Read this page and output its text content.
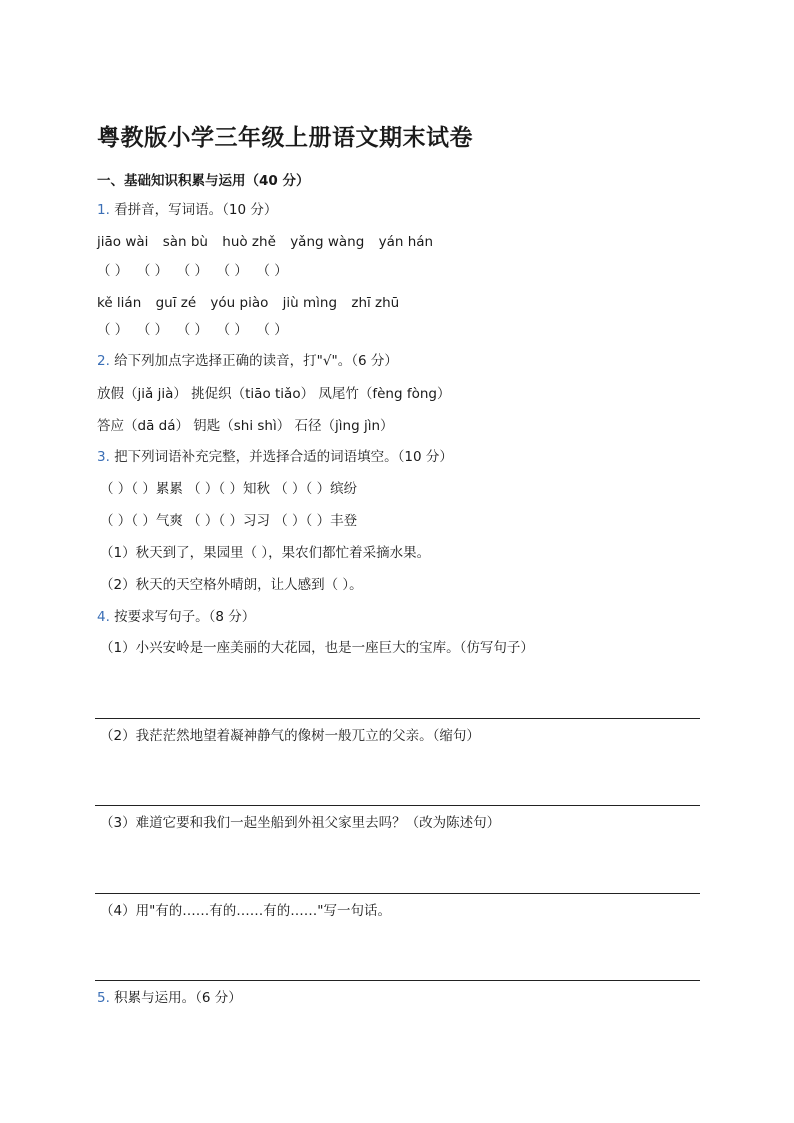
粤教版小学三年级上册语文期末试卷
一、基础知识积累与运用（40 分）
1. 看拼音，写词语。（10 分）
jiāo wài sàn bù huò zhě yǎng wàng yán hán
（ ）  （ ）  （ ）  （ ）  （ ）
kě lián guī zé yóu piào jiù mìng zhī zhū
（ ）  （ ）  （ ）  （ ）  （ ）
2. 给下列加点字选择正确的读音，打"√"。（6 分）
放假（jiǎ jià） 挑促织（tiāo tiǎo） 凤尾竹（fèng fòng）
答应（dā dá） 钥匙（shi shì） 石径（jìng jìn）
3. 把下列词语补充完整，并选择合适的词语填空。（10 分）
（ ）（ ）累累 （ ）（ ）知秋 （ ）（ ）缤纷
（ ）（ ）气爽 （ ）（ ）习习 （ ）（ ）丰登
（1）秋天到了，果园里（ ），果农们都忙着采摘水果。
（2）秋天的天空格外晴朗，让人感到（ ）。
4. 按要求写句子。（8 分）
（1）小兴安岭是一座美丽的大花园，也是一座巨大的宝库。（仿写句子）
（2）我茫茫然地望着凝神静气的像树一般兀立的父亲。（缩句）
（3）难道它要和我们一起坐船到外祖父家里去吗？（改为陈述句）
（4）用"有的……有的……有的……"写一句话。
5. 积累与运用。（6 分）
